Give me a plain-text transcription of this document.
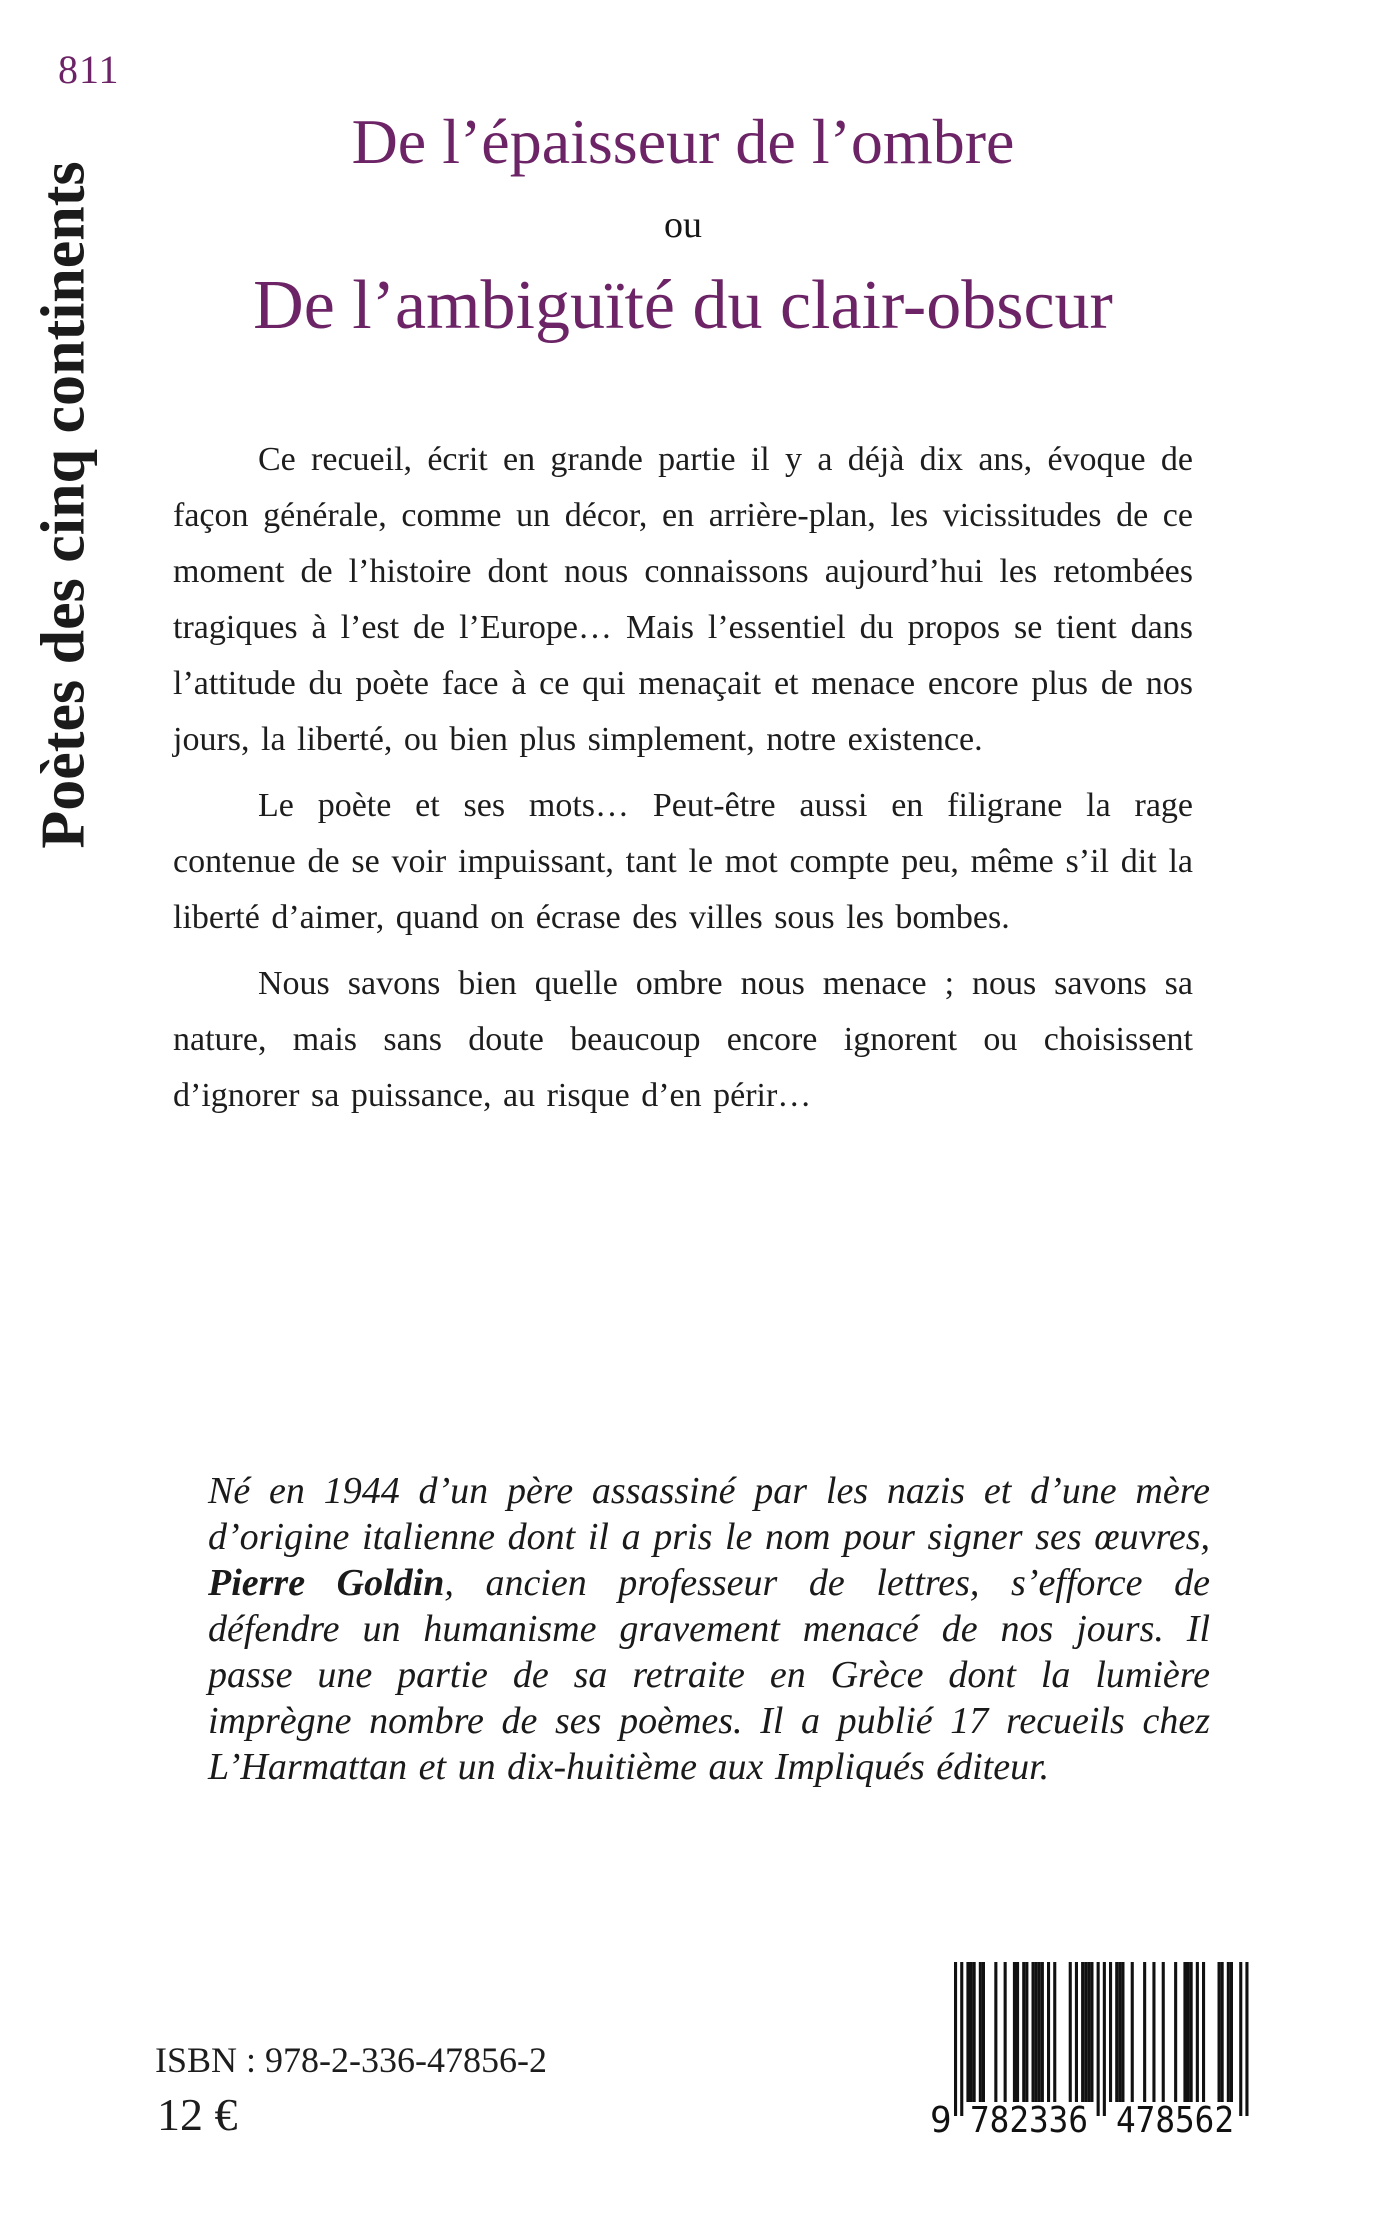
811
Poètes des cinq continents
De l’épaisseur de l’ombre
ou
De l’ambiguïté du clair-obscur

Ce recueil, écrit en grande partie il y a déjà dix ans, évoque de façon générale, comme un décor, en arrière-plan, les vicissitudes de ce moment de l’histoire dont nous connaissons aujourd’hui les retombées tragiques à l’est de l’Europe… Mais l’essentiel du propos se tient dans l’attitude du poète face à ce qui menaçait et menace encore plus de nos jours, la liberté, ou bien plus simplement, notre existence.

Le poète et ses mots… Peut-être aussi en filigrane la rage contenue de se voir impuissant, tant le mot compte peu, même s’il dit la liberté d’aimer, quand on écrase des villes sous les bombes.

Nous savons bien quelle ombre nous menace ; nous savons sa nature, mais sans doute beaucoup encore ignorent ou choisissent d’ignorer sa puissance, au risque d’en périr…

Né en 1944 d’un père assassiné par les nazis et d’une mère d’origine italienne dont il a pris le nom pour signer ses œuvres, Pierre Goldin, ancien professeur de lettres, s’efforce de défendre un humanisme gravement menacé de nos jours. Il passe une partie de sa retraite en Grèce dont la lumière imprègne nombre de ses poèmes. Il a publié 17 recueils chez L’Harmattan et un dix-huitième aux Impliqués éditeur.
ISBN : 978-2-336-47856-2
12 €	9 782336 478562
